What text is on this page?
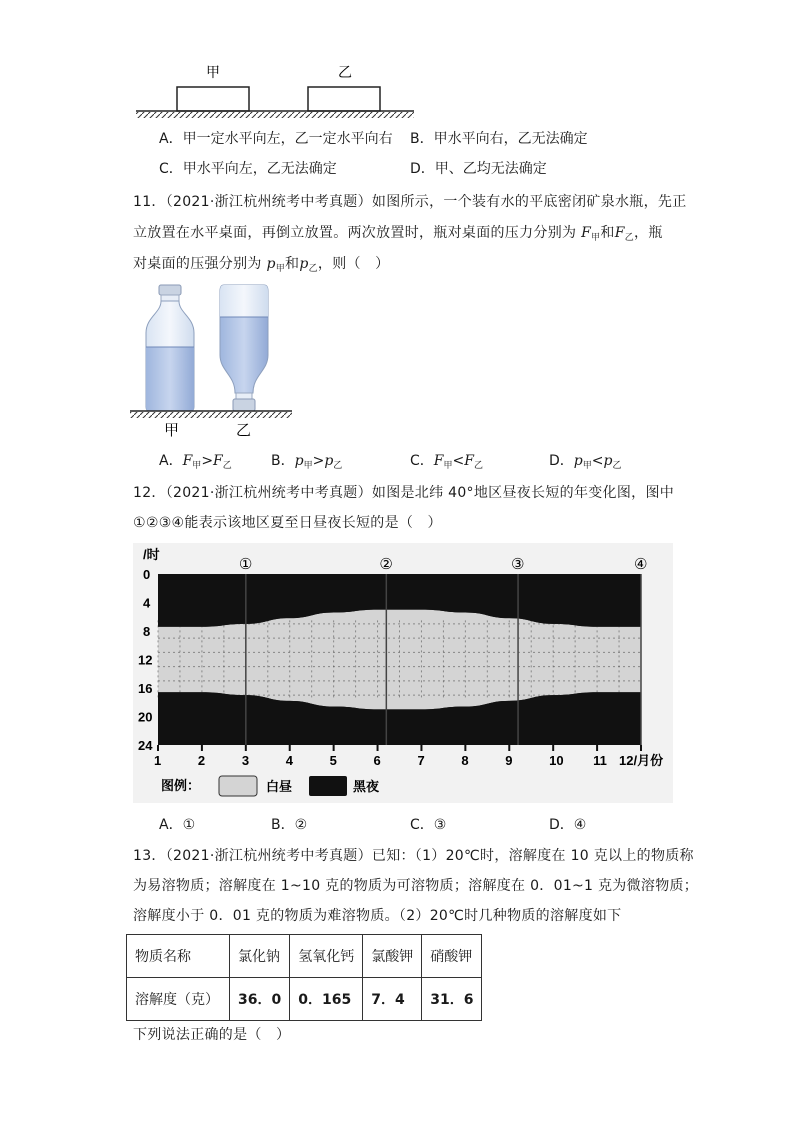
甲	乙
A．甲一定水平向左，乙一定水平向右 B．甲水平向右，乙无法确定
C．甲水平向左，乙无法确定	D．甲、乙均无法确定
11．（2021·浙江杭州统考中考真题）如图所示，一个装有水的平底密闭矿泉水瓶，先正
立放置在水平桌面，再倒立放置。两次放置时，瓶对桌面的压力分别为 $F_甲$和$F_乙$，瓶
对桌面的压强分别为 $p_甲$和$p_乙$，则（　）
甲	乙
A．$F_甲>F_乙$	B．$p_甲>p_乙$	C．$F_甲<F_乙$	D．$p_甲<p_乙$
12．（2021·浙江杭州统考中考真题）如图是北纬 40°地区昼夜长短的年变化图，图中
①②③④能表示该地区夏至日昼夜长短的是（　）
1	2	3	4	5	6	7	8	9	10 11
0
4
8
12
16
20
24
①	②	③	④
/时
12/月份
图例：	白昼	黑夜
A．①	B．②	C．③	D．④
13．（2021·浙江杭州统考中考真题）已知：（1）20℃时，溶解度在 10 克以上的物质称
为易溶物质；溶解度在 1~10 克的物质为可溶物质；溶解度在 0．01~1 克为微溶物质；
溶解度小于 0．01 克的物质为难溶物质。（2）20℃时几种物质的溶解度如下
物质名称	氯化钠	氢氧化钙	氯酸钾	硝酸钾
溶解度（克）	36．0	0．165	7．4	31．6
下列说法正确的是（　）
